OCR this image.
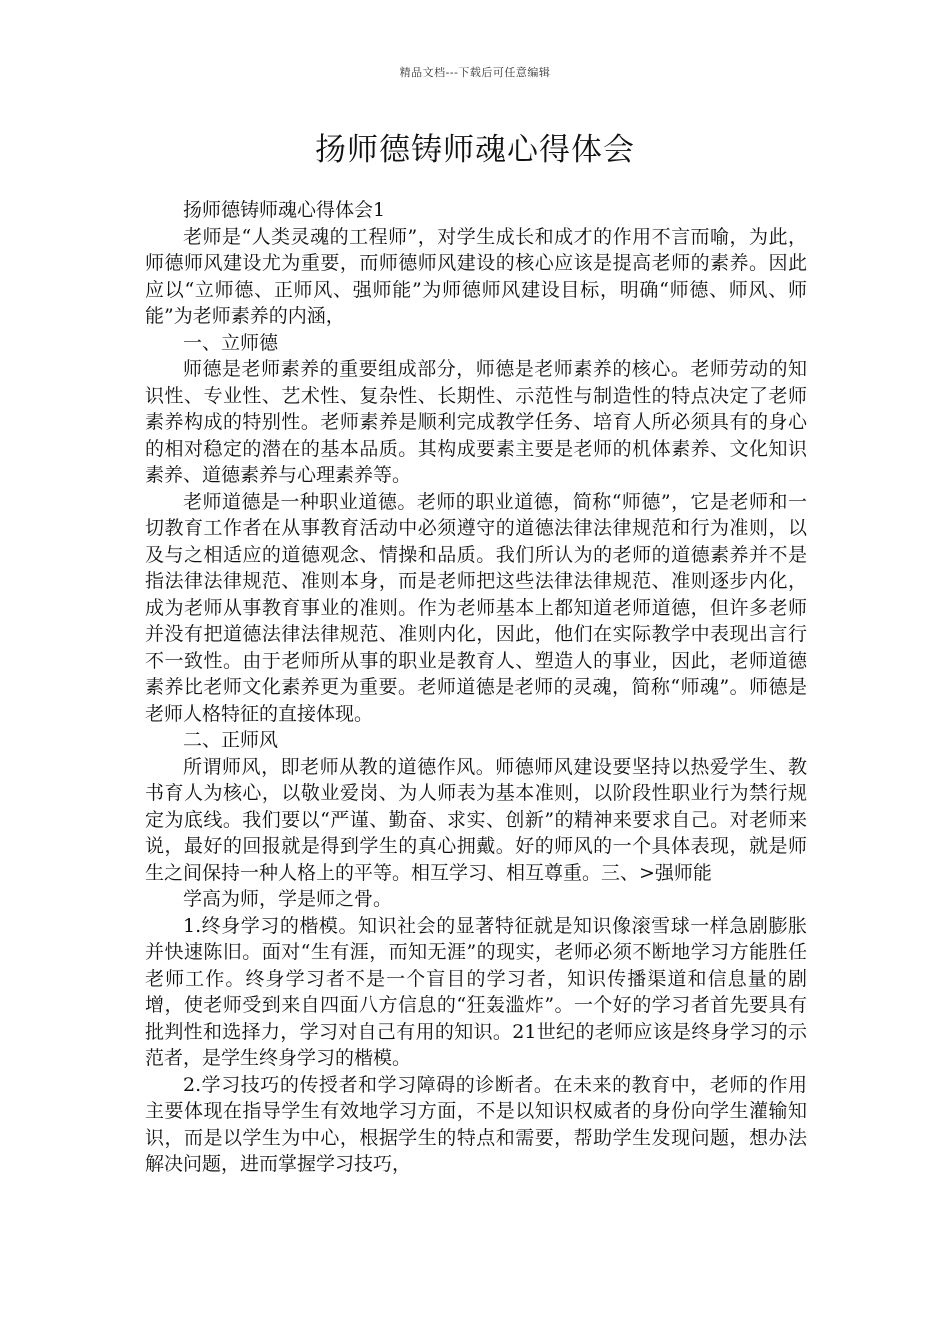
精品文档---下载后可任意编辑
扬师德铸师魂心得体会

扬师德铸师魂心得体会1

老师是“人类灵魂的工程师”，对学生成长和成才的作用不言而喻，为此，师德师风建设尤为重要，而师德师风建设的核心应该是提高老师的素养。因此应以“立师德、正师风、强师能”为师德师风建设目标，明确“师德、师风、师能”为老师素养的内涵，

一、立师德

师德是老师素养的重要组成部分，师德是老师素养的核心。老师劳动的知识性、专业性、艺术性、复杂性、长期性、示范性与制造性的特点决定了老师素养构成的特别性。老师素养是顺利完成教学任务、培育人所必须具有的身心的相对稳定的潜在的基本品质。其构成要素主要是老师的机体素养、文化知识素养、道德素养与心理素养等。

老师道德是一种职业道德。老师的职业道德，简称“师德”，它是老师和一切教育工作者在从事教育活动中必须遵守的道德法律法律规范和行为准则，以及与之相适应的道德观念、情操和品质。我们所认为的老师的道德素养并不是指法律法律规范、准则本身，而是老师把这些法律法律规范、准则逐步内化，成为老师从事教育事业的准则。作为老师基本上都知道老师道德，但许多老师并没有把道德法律法律规范、准则内化，因此，他们在实际教学中表现出言行不一致性。由于老师所从事的职业是教育人、塑造人的事业，因此，老师道德素养比老师文化素养更为重要。老师道德是老师的灵魂，简称“师魂”。师德是老师人格特征的直接体现。

二、正师风

所谓师风，即老师从教的道德作风。师德师风建设要坚持以热爱学生、教书育人为核心，以敬业爱岗、为人师表为基本准则，以阶段性职业行为禁行规定为底线。我们要以“严谨、勤奋、求实、创新”的精神来要求自己。对老师来说，最好的回报就是得到学生的真心拥戴。好的师风的一个具体表现，就是师生之间保持一种人格上的平等。相互学习、相互尊重。三、>强师能

学高为师，学是师之骨。

1.终身学习的楷模。知识社会的显著特征就是知识像滚雪球一样急剧膨胀并快速陈旧。面对“生有涯，而知无涯”的现实，老师必须不断地学习方能胜任老师工作。终身学习者不是一个盲目的学习者，知识传播渠道和信息量的剧增，使老师受到来自四面八方信息的“狂轰滥炸”。一个好的学习者首先要具有批判性和选择力，学习对自己有用的知识。21世纪的老师应该是终身学习的示范者，是学生终身学习的楷模。

2.学习技巧的传授者和学习障碍的诊断者。在未来的教育中，老师的作用主要体现在指导学生有效地学习方面，不是以知识权威者的身份向学生灌输知识，而是以学生为中心，根据学生的特点和需要，帮助学生发现问题，想办法解决问题，进而掌握学习技巧，
